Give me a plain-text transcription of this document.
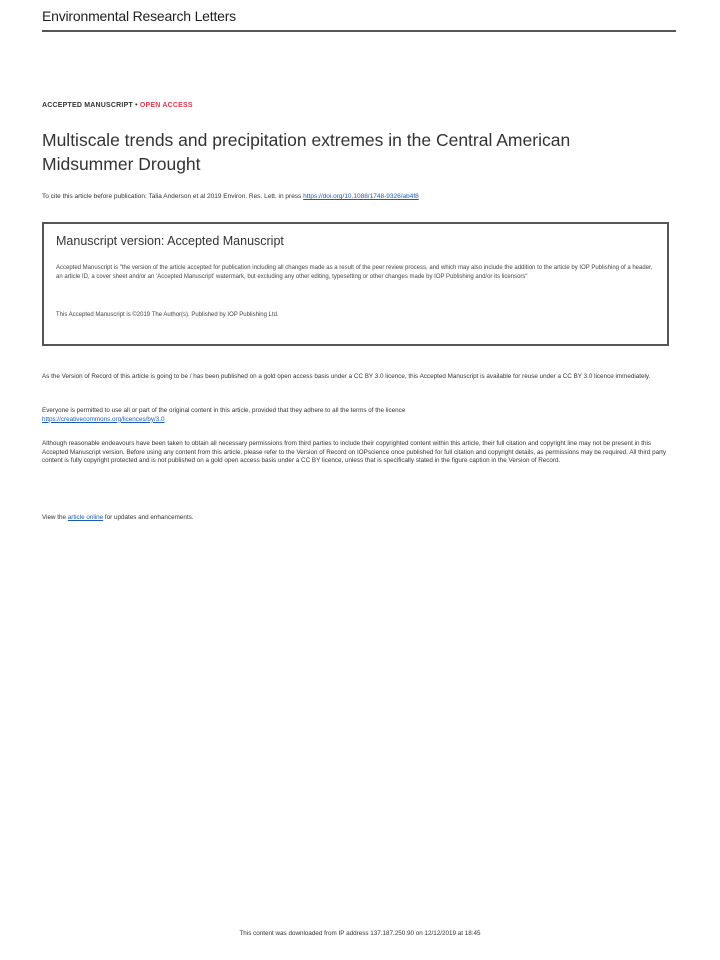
Environmental Research Letters
ACCEPTED MANUSCRIPT • OPEN ACCESS
Multiscale trends and precipitation extremes in the Central American Midsummer Drought
To cite this article before publication: Talia Anderson et al 2019 Environ. Res. Lett. in press https://doi.org/10.1088/1748-9326/ab4f8
Manuscript version: Accepted Manuscript
Accepted Manuscript is "the version of the article accepted for publication including all changes made as a result of the peer review process, and which may also include the addition to the article by IOP Publishing of a header, an article ID, a cover sheet and/or an 'Accepted Manuscript' watermark, but excluding any other editing, typesetting or other changes made by IOP Publishing and/or its licensors"
This Accepted Manuscript is ©2019 The Author(s). Published by IOP Publishing Ltd.
As the Version of Record of this article is going to be / has been published on a gold open access basis under a CC BY 3.0 licence, this Accepted Manuscript is available for reuse under a CC BY 3.0 licence immediately.
Everyone is permitted to use all or part of the original content in this article, provided that they adhere to all the terms of the licence
https://creativecommons.org/licences/by/3.0
Although reasonable endeavours have been taken to obtain all necessary permissions from third parties to include their copyrighted content within this article, their full citation and copyright line may not be present in this Accepted Manuscript version. Before using any content from this article, please refer to the Version of Record on IOPscience once published for full citation and copyright details, as permissions may be required. All third party content is fully copyright protected and is not published on a gold open access basis under a CC BY licence, unless that is specifically stated in the figure caption in the Version of Record.
View the article online for updates and enhancements.
This content was downloaded from IP address 137.187.250.90 on 12/12/2019 at 18:45
